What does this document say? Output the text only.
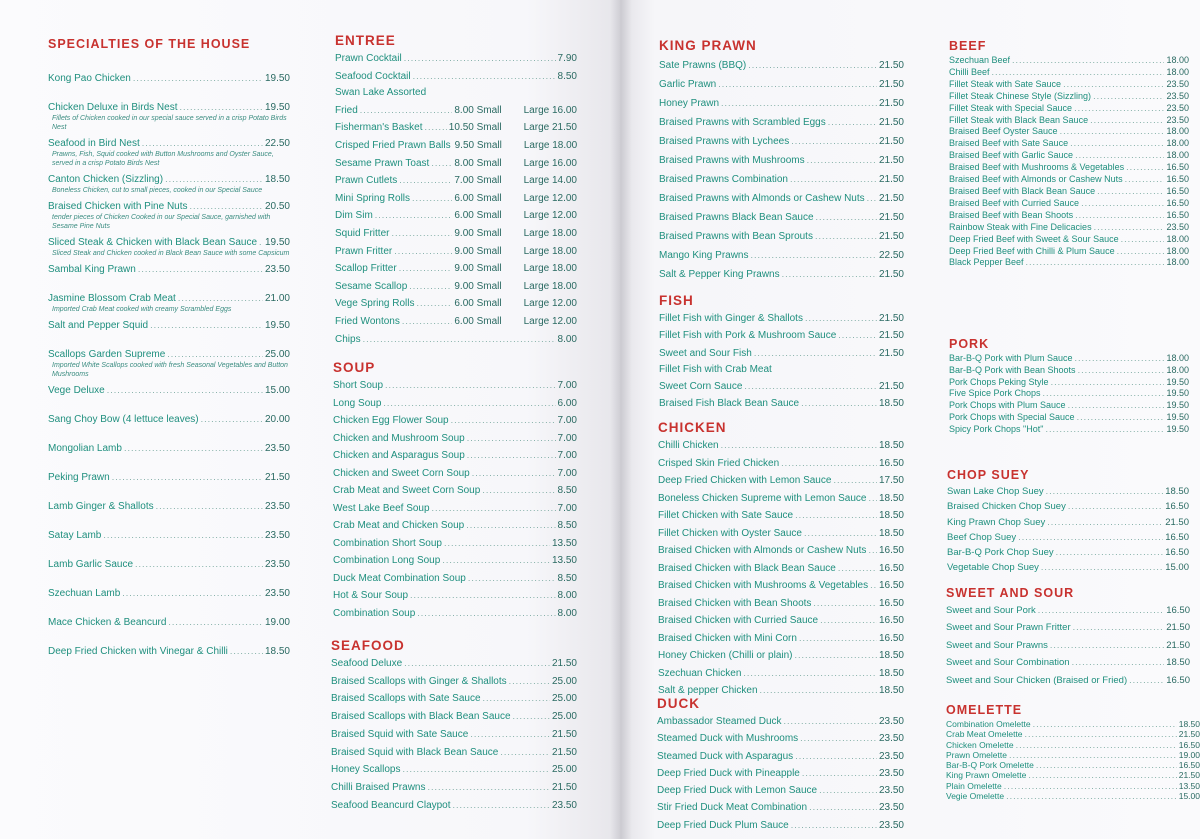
SPECIALTIES OF THE HOUSE
Kong Pao Chicken .....	19.50
Chicken Deluxe in Birds Nest .....	19.50
Fillets of Chicken cooked in our special sauce served in a crisp Potato Birds Nest
Seafood in Bird Nest .....	22.50
Prawns, Fish, Squid cooked with Button Mushrooms and Oyster Sauce, served in a crisp Potato Birds Nest
Canton Chicken (Sizzling) .....	18.50
Boneless Chicken, cut to small pieces, cooked in our Special Sauce
Braised Chicken with Pine Nuts .....	20.50
tender pieces of Chicken Cooked in our Special Sauce, garnished with Sesame Pine Nuts
Sliced Steak & Chicken with Black Bean Sauce ..... 19.50
Sliced Steak and Chicken cooked in Black Bean Sauce with some Capsicum
Sambal King Prawn .....	23.50
Jasmine Blossom Crab Meat .....	21.00
Imported Crab Meat cooked with creamy Scrambled Eggs
Salt and Pepper Squid .....	19.50
Scallops Garden Supreme .....	25.00
Imported White Scallops cooked with fresh Seasonal Vegetables and Button Mushrooms
Vege Deluxe .....	15.00
Sang Choy Bow (4 lettuce leaves) .....	20.00
Mongolian Lamb .....	23.50
Peking Prawn .....	21.50
Lamb Ginger & Shallots .....	23.50
Satay Lamb .....	23.50
Lamb Garlic Sauce .....	23.50
Szechuan Lamb .....	23.50
Mace Chicken & Beancurd .....	19.00
Deep Fried Chicken with Vinegar & Chilli .....	18.50
ENTREE
Prawn Cocktail .....	7.90
Seafood Cocktail .....	8.50
Swan Lake Assorted
Fried .....	8.00 Small Large 16.00
Fisherman's Basket .....	10.50 Small Large 21.50
Crisped Fried Prawn Balls 9.50 Small Large 18.00
Sesame Prawn Toast .....	8.00 Small Large 16.00
Prawn Cutlets .....	7.00 Small Large 14.00
Mini Spring Rolls .....	6.00 Small Large 12.00
Dim Sim .....	6.00 Small Large 12.00
Squid Fritter .....	9.00 Small Large 18.00
Prawn Fritter .....	9.00 Small Large 18.00
Scallop Fritter .....	9.00 Small Large 18.00
Sesame Scallop .....	9.00 Small Large 18.00
Vege Spring Rolls .....	6.00 Small Large 12.00
Fried Wontons .....	6.00 Small Large 12.00
Chips .....	8.00
SOUP
Short Soup .....	7.00
Long Soup .....	6.00
Chicken Egg Flower Soup .....	7.00
Chicken and Mushroom Soup .....	7.00
Chicken and Asparagus Soup .....	7.00
Chicken and Sweet Corn Soup .....	7.00
Crab Meat and Sweet Corn Soup .....	8.50
West Lake Beef Soup .....	7.00
Crab Meat and Chicken Soup .....	8.50
Combination Short Soup .....	13.50
Combination Long Soup .....	13.50
Duck Meat Combination Soup .....	8.50
Hot & Sour Soup .....	8.00
Combination Soup .....	8.00
SEAFOOD
Seafood Deluxe .....	21.50
Braised Scallops with Ginger & Shallots .....	25.00
Braised Scallops with Sate Sauce .....	25.00
Braised Scallops with Black Bean Sauce .....	25.00
Braised Squid with Sate Sauce .....	21.50
Braised Squid with Black Bean Sauce .....	21.50
Honey Scallops .....	25.00
Chilli Braised Prawns .....	21.50
Seafood Beancurd Claypot .....	23.50
KING PRAWN
Sate Prawns (BBQ) .....	21.50
Garlic Prawn .....	21.50
Honey Prawn .....	21.50
Braised Prawns with Scrambled Eggs .....	21.50
Braised Prawns with Lychees .....	21.50
Braised Prawns with Mushrooms .....	21.50
Braised Prawns Combination .....	21.50
Braised Prawns with Almonds or Cashew Nuts ..... 21.50
Braised Prawns Black Bean Sauce .....	21.50
Braised Prawns with Bean Sprouts .....	21.50
Mango King Prawns .....	22.50
Salt & Pepper King Prawns .....	21.50
FISH
Fillet Fish with Ginger & Shallots .....	21.50
Fillet Fish with Pork & Mushroom Sauce .....	21.50
Sweet and Sour Fish .....	21.50
Fillet Fish with Crab Meat
Sweet Corn Sauce .....	21.50
Braised Fish Black Bean Sauce .....	18.50
CHICKEN
Chilli Chicken .....	18.50
Crisped Skin Fried Chicken .....	16.50
Deep Fried Chicken with Lemon Sauce .....	17.50
Boneless Chicken Supreme with Lemon Sauce ..... 18.50
Fillet Chicken with Sate Sauce .....	18.50
Fillet Chicken with Oyster Sauce .....	18.50
Braised Chicken with Almonds or Cashew Nuts ..... 16.50
Braised Chicken with Black Bean Sauce .....	16.50
Braised Chicken with Mushrooms & Vegetables ..... 16.50
Braised Chicken with Bean Shoots .....	16.50
Braised Chicken with Curried Sauce .....	16.50
Braised Chicken with Mini Corn .....	16.50
Honey Chicken (Chilli or plain) .....	18.50
Szechuan Chicken .....	18.50
Salt & pepper Chicken .....	18.50
DUCK
Ambassador Steamed Duck .....	23.50
Steamed Duck with Mushrooms .....	23.50
Steamed Duck with Asparagus .....	23.50
Deep Fried Duck with Pineapple .....	23.50
Deep Fried Duck with Lemon Sauce .....	23.50
Stir Fried Duck Meat Combination .....	23.50
Deep Fried Duck Plum Sauce .....	23.50
BEEF
Szechuan Beef .....	18.00
Chilli Beef .....	18.00
Fillet Steak with Sate Sauce .....	23.50
Fillet Steak Chinese Style (Sizzling) .....	23.50
Fillet Steak with Special Sauce .....	23.50
Fillet Steak with Black Bean Sauce .....	23.50
Braised Beef Oyster Sauce .....	18.00
Braised Beef with Sate Sauce .....	18.00
Braised Beef with Garlic Sauce .....	18.00
Braised Beef with Mushrooms & Vegetables .....	16.50
Braised Beef with Almonds or Cashew Nuts .....	16.50
Braised Beef with Black Bean Sauce .....	16.50
Braised Beef with Curried Sauce .....	16.50
Braised Beef with Bean Shoots .....	16.50
Rainbow Steak with Fine Delicacies .....	23.50
Deep Fried Beef with Sweet & Sour Sauce .....	18.00
Deep Fried Beef with Chilli & Plum Sauce .....	18.00
Black Pepper Beef .....	18.00
PORK
Bar-B-Q Pork with Plum Sauce .....	18.00
Bar-B-Q Pork with Bean Shoots .....	18.00
Pork Chops Peking Style .....	19.50
Five Spice Pork Chops .....	19.50
Pork Chops with Plum Sauce .....	19.50
Pork Chops with Special Sauce .....	19.50
Spicy Pork Chops "Hot" .....	19.50
CHOP SUEY
Swan Lake Chop Suey .....	18.50
Braised Chicken Chop Suey .....	16.50
King Prawn Chop Suey .....	21.50
Beef Chop Suey .....	16.50
Bar-B-Q Pork Chop Suey .....	16.50
Vegetable Chop Suey .....	15.00
SWEET AND SOUR
Sweet and Sour Pork .....	16.50
Sweet and Sour Prawn Fritter .....	21.50
Sweet and Sour Prawns .....	21.50
Sweet and Sour Combination .....	18.50
Sweet and Sour Chicken (Braised or Fried) .....	16.50
OMELETTE
Combination Omelette .....	18.50
Crab Meat Omelette .....	21.50
Chicken Omelette .....	16.50
Prawn Omelette .....	19.00
Bar-B-Q Pork Omelette .....	16.50
King Prawn Omelette .....	21.50
Plain Omelette .....	13.50
Vegie Omelette .....	15.00
